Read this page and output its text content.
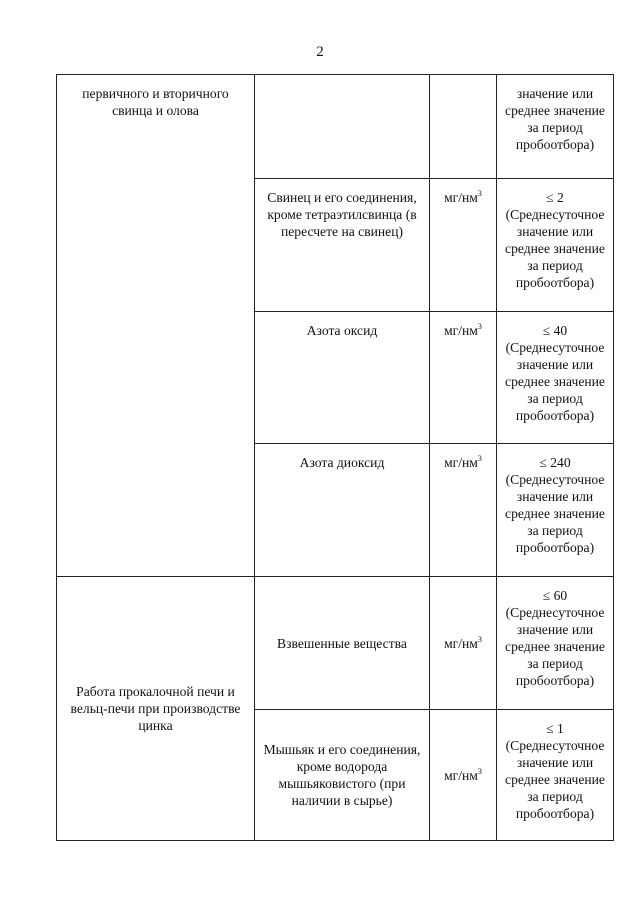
2
первичного и вторичного свинца и олова			значение или среднее значение за период пробоотбора)
	Свинец и его соединения, кроме тетраэтилсвинца (в пересчете на свинец)	$мг/нм^3$	≤ 2 (Среднесуточное значение или среднее значение за период пробоотбора)
	Азота оксид	$мг/нм^3$	≤ 40 (Среднесуточное значение или среднее значение за период пробоотбора)
	Азота диоксид	$мг/нм^3$	≤ 240 (Среднесуточное значение или среднее значение за период пробоотбора)
Работа прокалочной печи и вельц-печи при производстве цинка	Взвешенные вещества	$мг/нм^3$	≤ 60 (Среднесуточное значение или среднее значение за период пробоотбора)
	Мышьяк и его соединения, кроме водорода мышьяковистого (при наличии в сырье)	$мг/нм^3$	≤ 1 (Среднесуточное значение или среднее значение за период пробоотбора)
